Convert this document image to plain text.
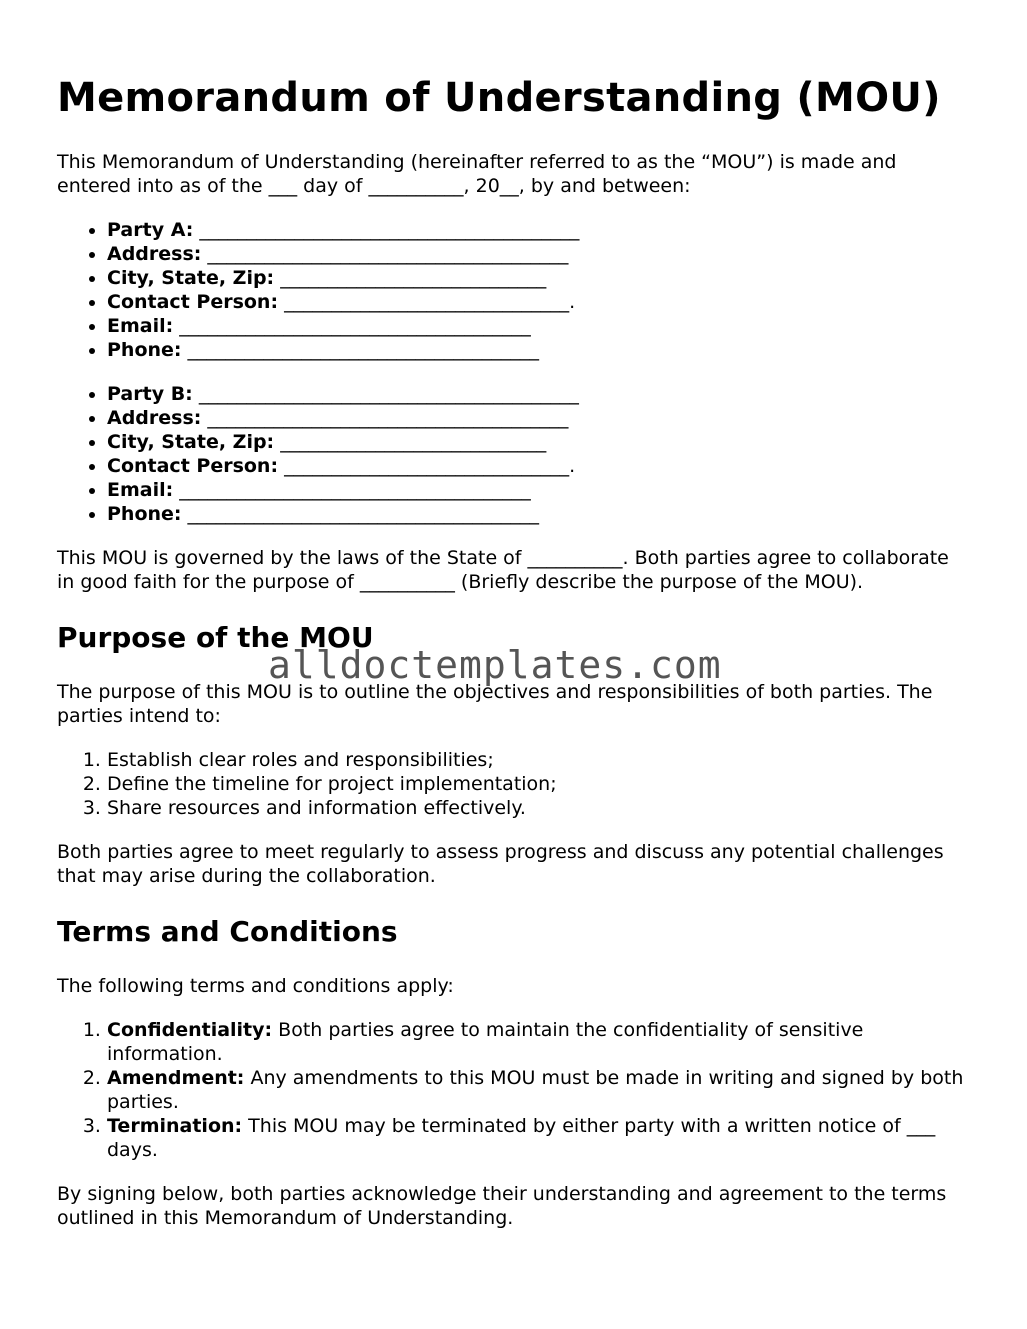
Memorandum of Understanding (MOU)

This Memorandum of Understanding (hereinafter referred to as the “MOU”) is made and entered into as of the ___ day of __________, 20__, by and between:

• Party A: ________________________________________
• Address: ______________________________________
• City, State, Zip: ____________________________
• Contact Person: ______________________________.
• Email: _____________________________________
• Phone: _____________________________________
• Party B: ________________________________________
• Address: ______________________________________
• City, State, Zip: ____________________________
• Contact Person: ______________________________.
• Email: _____________________________________
• Phone: _____________________________________

This MOU is governed by the laws of the State of __________. Both parties agree to collaborate in good faith for the purpose of __________ (Briefly describe the purpose of the MOU).

Purpose of the MOU

The purpose of this MOU is to outline the objectives and responsibilities of both parties. The parties intend to:

1. Establish clear roles and responsibilities;
2. Define the timeline for project implementation;
3. Share resources and information effectively.

Both parties agree to meet regularly to assess progress and discuss any potential challenges that may arise during the collaboration.

Terms and Conditions

The following terms and conditions apply:

1. Confidentiality: Both parties agree to maintain the confidentiality of sensitive information.
2. Amendment: Any amendments to this MOU must be made in writing and signed by both parties.
3. Termination: This MOU may be terminated by either party with a written notice of ___ days.

By signing below, both parties acknowledge their understanding and agreement to the terms outlined in this Memorandum of Understanding.

alldoctemplates.com
